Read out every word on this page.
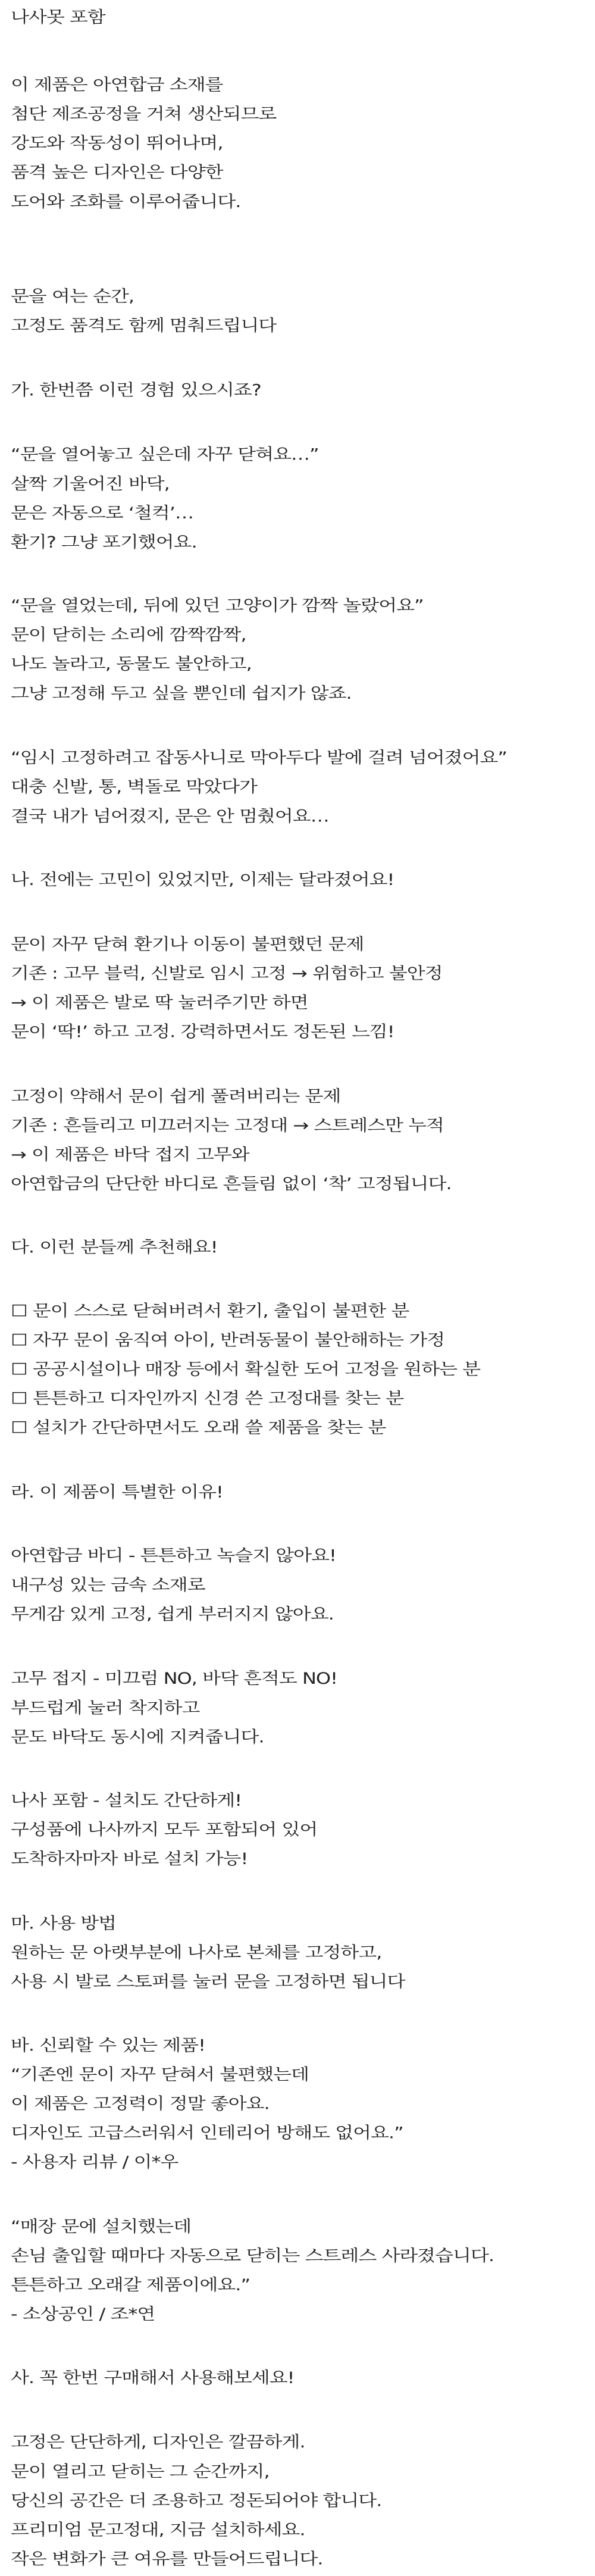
나사못 포함
이 제품은 아연합금 소재를
첨단 제조공정을 거쳐 생산되므로
강도와 작동성이 뛰어나며,
품격 높은 디자인은 다양한
도어와 조화를 이루어줍니다.
문을 여는 순간,
고정도 품격도 함께 멈춰드립니다
가. 한번쯤 이런 경험 있으시죠?
“문을 열어놓고 싶은데 자꾸 닫혀요…”
살짝 기울어진 바닥,
문은 자동으로 ‘철컥’…
환기? 그냥 포기했어요.
“문을 열었는데, 뒤에 있던 고양이가 깜짝 놀랐어요”
문이 닫히는 소리에 깜짝깜짝,
나도 놀라고, 동물도 불안하고,
그냥 고정해 두고 싶을 뿐인데 쉽지가 않죠.
“임시 고정하려고 잡동사니로 막아두다 발에 걸려 넘어졌어요”
대충 신발, 통, 벽돌로 막았다가
결국 내가 넘어졌지, 문은 안 멈췄어요…
나. 전에는 고민이 있었지만, 이제는 달라졌어요!
문이 자꾸 닫혀 환기나 이동이 불편했던 문제
기존 : 고무 블럭, 신발로 임시 고정 → 위험하고 불안정
→ 이 제품은 발로 딱 눌러주기만 하면
문이 ‘딱!’ 하고 고정. 강력하면서도 정돈된 느낌!
고정이 약해서 문이 쉽게 풀려버리는 문제
기존 : 흔들리고 미끄러지는 고정대 → 스트레스만 누적
→ 이 제품은 바닥 접지 고무와
아연합금의 단단한 바디로 흔들림 없이 ‘착’ 고정됩니다.
다. 이런 분들께 추천해요!
☐ 문이 스스로 닫혀버려서 환기, 출입이 불편한 분
☐ 자꾸 문이 움직여 아이, 반려동물이 불안해하는 가정
☐ 공공시설이나 매장 등에서 확실한 도어 고정을 원하는 분
☐ 튼튼하고 디자인까지 신경 쓴 고정대를 찾는 분
☐ 설치가 간단하면서도 오래 쓸 제품을 찾는 분
라. 이 제품이 특별한 이유!
아연합금 바디 - 튼튼하고 녹슬지 않아요!
내구성 있는 금속 소재로
무게감 있게 고정, 쉽게 부러지지 않아요.
고무 접지 - 미끄럼 NO, 바닥 흔적도 NO!
부드럽게 눌러 착지하고
문도 바닥도 동시에 지켜줍니다.
나사 포함 - 설치도 간단하게!
구성품에 나사까지 모두 포함되어 있어
도착하자마자 바로 설치 가능!
마. 사용 방법
원하는 문 아랫부분에 나사로 본체를 고정하고,
사용 시 발로 스토퍼를 눌러 문을 고정하면 됩니다
바. 신뢰할 수 있는 제품!
“기존엔 문이 자꾸 닫혀서 불편했는데
이 제품은 고정력이 정말 좋아요.
디자인도 고급스러워서 인테리어 방해도 없어요.”
- 사용자 리뷰 / 이*우
“매장 문에 설치했는데
손님 출입할 때마다 자동으로 닫히는 스트레스 사라졌습니다.
튼튼하고 오래갈 제품이에요.”
- 소상공인 / 조*연
사. 꼭 한번 구매해서 사용해보세요!
고정은 단단하게, 디자인은 깔끔하게.
문이 열리고 닫히는 그 순간까지,
당신의 공간은 더 조용하고 정돈되어야 합니다.
프리미엄 문고정대, 지금 설치하세요.
작은 변화가 큰 여유를 만들어드립니다.
